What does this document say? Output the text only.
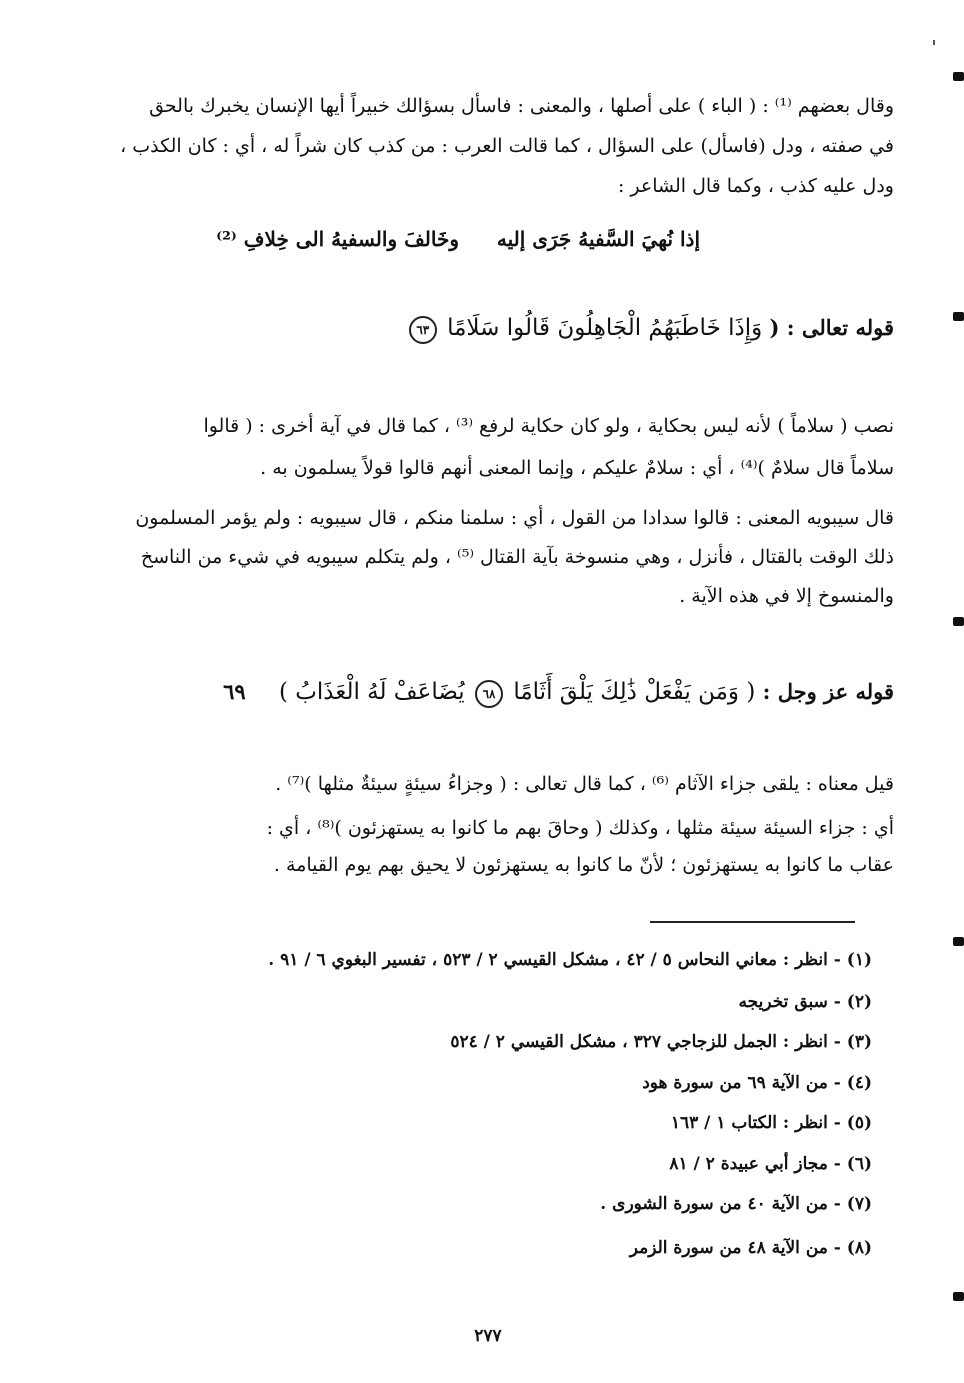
وقال بعضهم ⁽¹⁾ : ( الباء ) على أصلها ، والمعنى : فاسأل بسؤالك خبيراً أيها الإنسان يخبرك بالحق
في صفته ، ودل (فاسأل) على السؤال ، كما قالت العرب : من كذب كان شراً له ، أي : كان الكذب ،
ودل عليه كذب ، وكما قال الشاعر :
إذا نُهيَ السَّفيهُ جَرَى إليه
وخَالفَ والسفيهُ الى خِلافِ ⁽²⁾
قوله تعالى : ( وَإِذَا خَاطَبَهُمُ الْجَاهِلُونَ قَالُوا سَلَامًا ٦٣
نصب ( سلاماً ) لأنه ليس بحكاية ، ولو كان حكاية لرفع ⁽³⁾ ، كما قال في آية أخرى : ( قالوا
سلاماً قال سلامٌ )⁽⁴⁾ ، أي : سلامٌ عليكم ، وإنما المعنى أنهم قالوا قولاً يسلمون به .
قال سيبويه المعنى : قالوا سدادا من القول ، أي : سلمنا منكم ، قال سيبويه : ولم يؤمر المسلمون
ذلك الوقت بالقتال ، فأنزل ، وهي منسوخة بآية القتال ⁽⁵⁾ ، ولم يتكلم سيبويه في شيء من الناسخ
والمنسوخ إلا في هذه الآية .
قوله عز وجل : ( وَمَن يَفْعَلْ ذَٰلِكَ يَلْقَ أَثَامًا ٦٨ يُضَاعَفْ لَهُ الْعَذَابُ ) ٦٩
قيل معناه : يلقى جزاء الآثام ⁽⁶⁾ ، كما قال تعالى : ( وجزاءُ سيئةٍ سيئةٌ مثلها )⁽⁷⁾ .
أي : جزاء السيئة سيئة مثلها ، وكذلك ( وحاقَ بهم ما كانوا به يستهزئون )⁽⁸⁾ ، أي :
عقاب ما كانوا به يستهزئون ؛ لأنّ ما كانوا به يستهزئون لا يحيق بهم يوم القيامة .
(١) - انظر : معاني النحاس ٥ / ٤٢ ، مشكل القيسي ٢ / ٥٢٣ ، تفسير البغوي ٦ / ٩١ .
(٢) - سبق تخريجه
(٣) - انظر : الجمل للزجاجي ٣٢٧ ، مشكل القيسي ٢ / ٥٢٤
(٤) - من الآية ٦٩ من سورة هود
(٥) - انظر : الكتاب ١ / ١٦٣
(٦) - مجاز أبي عبيدة ٢ / ٨١
(٧) - من الآية ٤٠ من سورة الشورى .
(٨) - من الآية ٤٨ من سورة الزمر
٢٧٧
